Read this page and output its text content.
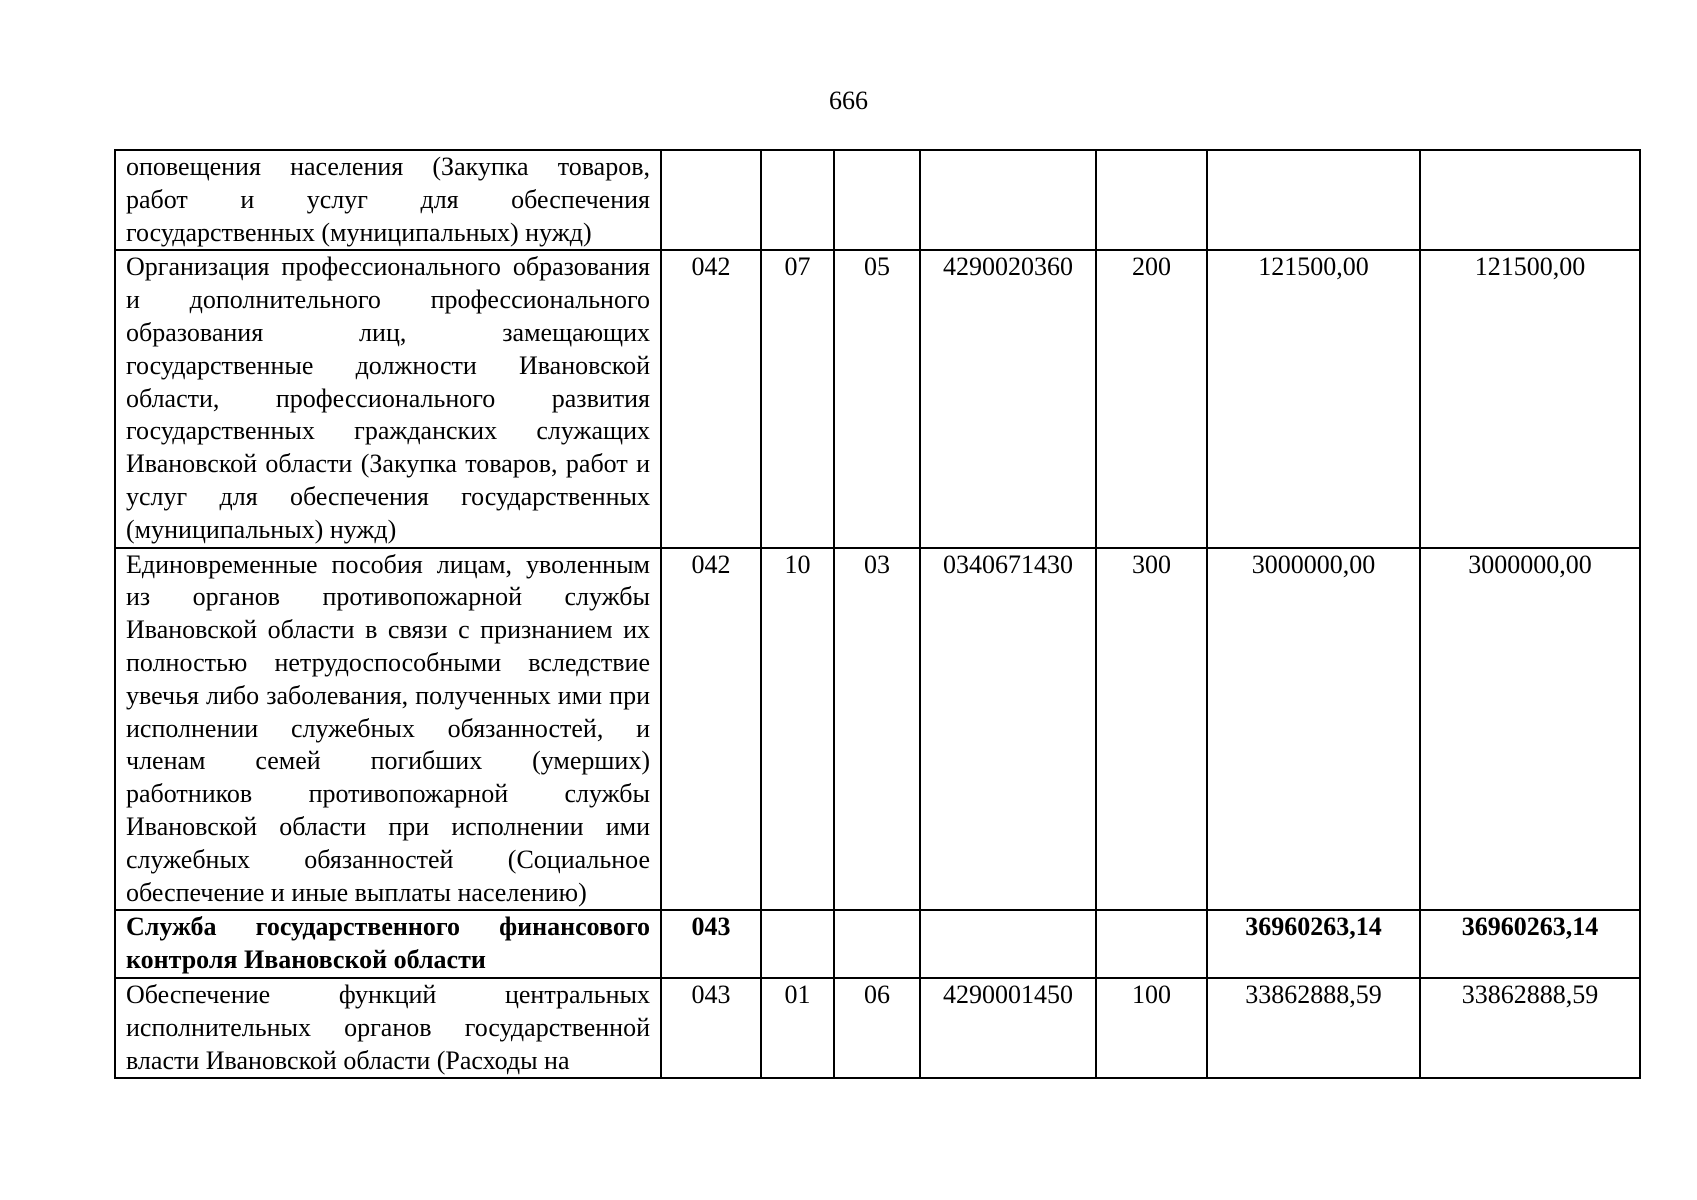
666
оповещения населения (Закупка товаров, работ и услуг для обеспечения государственных (муниципальных) нужд)							
Организация профессионального образования и дополнительного профессионального образования лиц, замещающих государственные должности Ивановской области, профессионального развития государственных гражданских служащих Ивановской области (Закупка товаров, работ и услуг для обеспечения государственных (муниципальных) нужд)	042	07	05	4290020360	200	121500,00	121500,00
Единовременные пособия лицам, уволенным из органов противопожарной службы Ивановской области в связи с признанием их полностью нетрудоспособными вследствие увечья либо заболевания, полученных ими при исполнении служебных обязанностей, и членам семей погибших (умерших) работников противопожарной службы Ивановской области при исполнении ими служебных обязанностей (Социальное обеспечение и иные выплаты населению)	042	10	03	0340671430	300	3000000,00	3000000,00
Служба государственного финансового контроля Ивановской области	043					36960263,14	36960263,14
Обеспечение функций центральных исполнительных органов государственной власти Ивановской области (Расходы на	043	01	06	4290001450	100	33862888,59	33862888,59
